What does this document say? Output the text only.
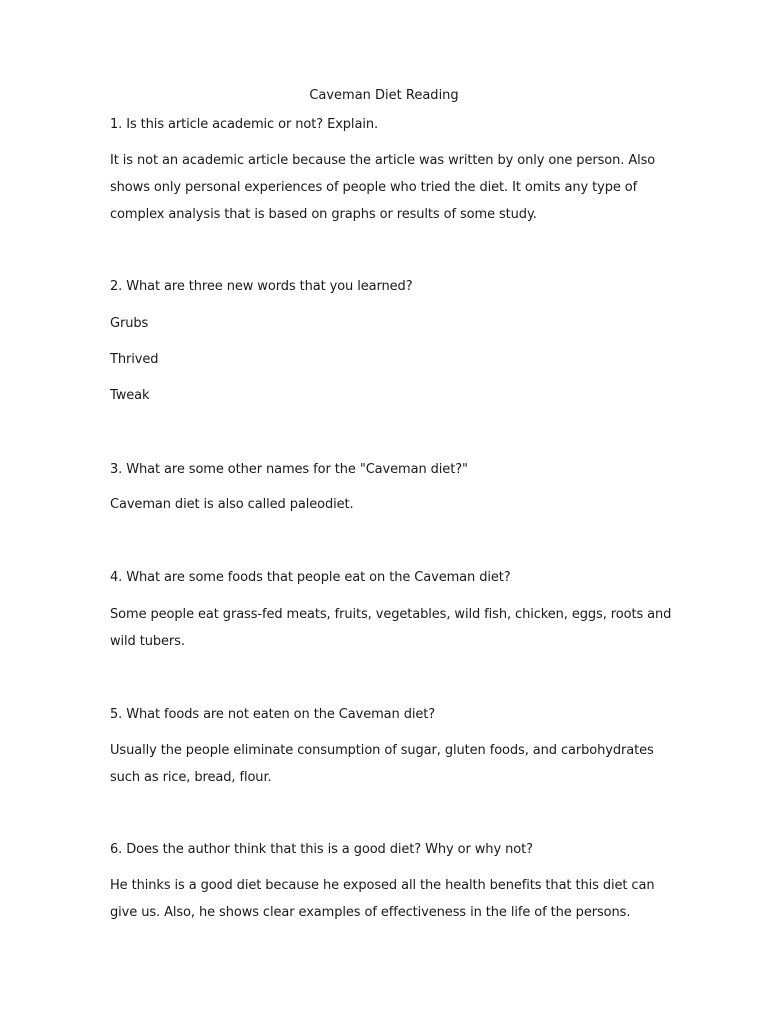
Caveman Diet Reading
1. Is this article academic or not? Explain.
It is not an academic article because the article was written by only one person. Also
shows only personal experiences of people who tried the diet. It omits any type of
complex analysis that is based on graphs or results of some study.
2. What are three new words that you learned?
Grubs
Thrived
Tweak
3. What are some other names for the "Caveman diet?"
Caveman diet is also called paleodiet.
4. What are some foods that people eat on the Caveman diet?
Some people eat grass-fed meats, fruits, vegetables, wild fish, chicken, eggs, roots and
wild tubers.
5. What foods are not eaten on the Caveman diet?
Usually the people eliminate consumption of sugar, gluten foods, and carbohydrates
such as rice, bread, flour.
6. Does the author think that this is a good diet? Why or why not?
He thinks is a good diet because he exposed all the health benefits that this diet can
give us. Also, he shows clear examples of effectiveness in the life of the persons.
